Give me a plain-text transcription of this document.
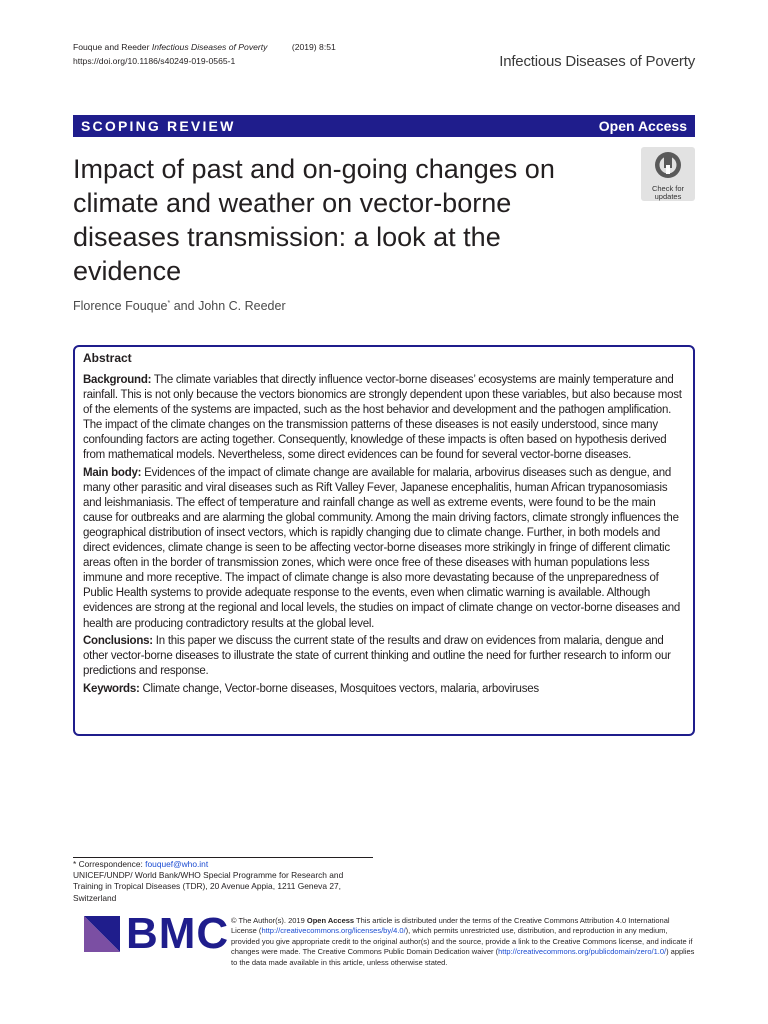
Fouque and Reeder Infectious Diseases of Poverty	(2019) 8:51
https://doi.org/10.1186/s40249-019-0565-1	Infectious Diseases of Poverty
SCOPING REVIEW	Open Access
Impact of past and on-going changes on climate and weather on vector-borne diseases transmission: a look at the evidence
Check for
updates
Florence Fouque* and John C. Reeder
Abstract

Background: The climate variables that directly influence vector-borne diseases’ ecosystems are mainly temperature and rainfall. This is not only because the vectors bionomics are strongly dependent upon these variables, but also because most of the elements of the systems are impacted, such as the host behavior and development and the pathogen amplification. The impact of the climate changes on the transmission patterns of these diseases is not easily understood, since many confounding factors are acting together. Consequently, knowledge of these impacts is often based on hypothesis derived from mathematical models. Nevertheless, some direct evidences can be found for several vector-borne diseases.

Main body: Evidences of the impact of climate change are available for malaria, arbovirus diseases such as dengue, and many other parasitic and viral diseases such as Rift Valley Fever, Japanese encephalitis, human African trypanosomiasis and leishmaniasis. The effect of temperature and rainfall change as well as extreme events, were found to be the main cause for outbreaks and are alarming the global community. Among the main driving factors, climate strongly influences the geographical distribution of insect vectors, which is rapidly changing due to climate change. Further, in both models and direct evidences, climate change is seen to be affecting vector-borne diseases more strikingly in fringe of different climatic areas often in the border of transmission zones, which were once free of these diseases with human populations less immune and more receptive. The impact of climate change is also more devastating because of the unpreparedness of Public Health systems to provide adequate response to the events, even when climatic warning is available. Although evidences are strong at the regional and local levels, the studies on impact of climate change on vector-borne diseases and health are producing contradictory results at the global level.

Conclusions: In this paper we discuss the current state of the results and draw on evidences from malaria, dengue and other vector-borne diseases to illustrate the state of current thinking and outline the need for further research to inform our predictions and response.

Keywords: Climate change, Vector-borne diseases, Mosquitoes vectors, malaria, arboviruses

* Correspondence: fouquef@who.int
UNICEF/UNDP/ World Bank/WHO Special Programme for Research and Training in Tropical Diseases (TDR), 20 Avenue Appia, 1211 Geneva 27, Switzerland
BMC © The Author(s). 2019 Open Access This article is distributed under the terms of the Creative Commons Attribution 4.0 International License (http://creativecommons.org/licenses/by/4.0/), which permits unrestricted use, distribution, and reproduction in any medium, provided you give appropriate credit to the original author(s) and the source, provide a link to the Creative Commons license, and indicate if changes were made. The Creative Commons Public Domain Dedication waiver (http://creativecommons.org/publicdomain/zero/1.0/) applies to the data made available in this article, unless otherwise stated.
